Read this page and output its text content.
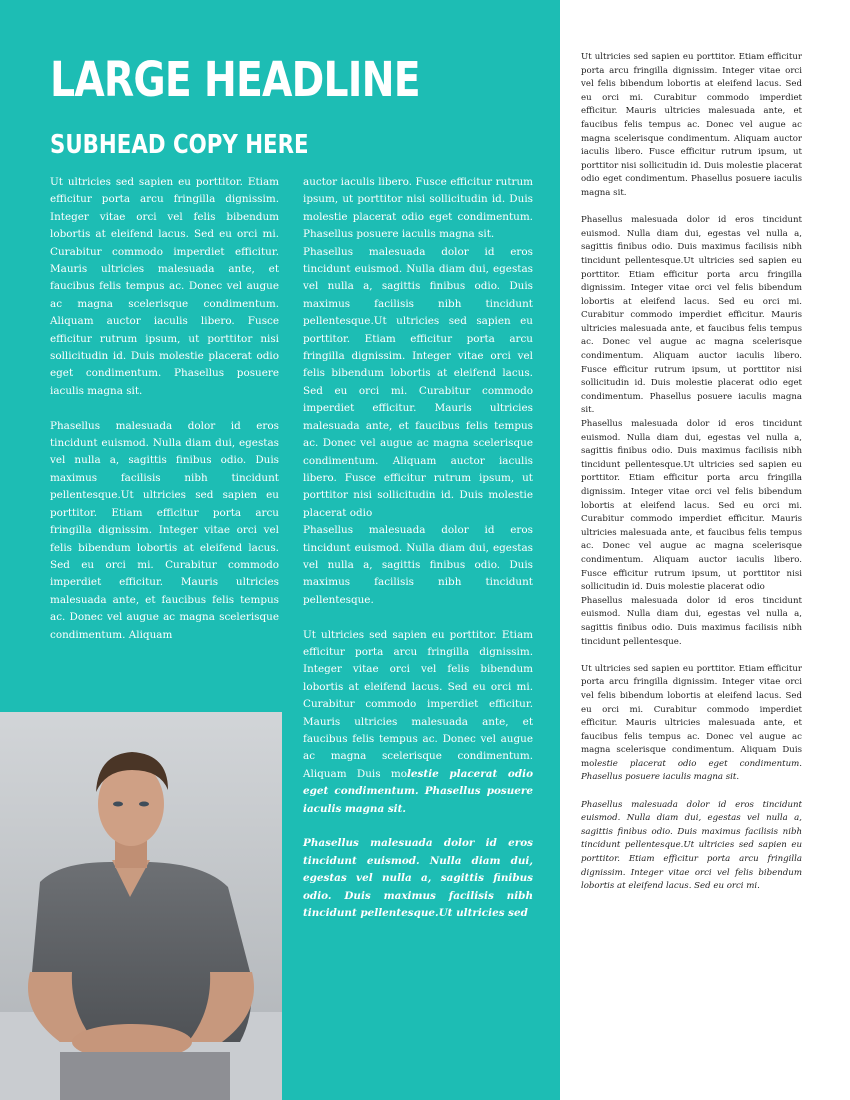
LARGE HEADLINE
SUBHEAD COPY HERE

Ut ultricies sed sapien eu porttitor. Etiam efficitur porta arcu fringilla dignissim. Integer vitae orci vel felis bibendum lobortis at eleifend lacus. Sed eu orci mi. Curabitur commodo imperdiet efficitur. Mauris ultricies malesuada ante, et faucibus felis tempus ac. Donec vel augue ac magna scelerisque condimentum. Aliquam auctor iaculis libero. Fusce efficitur rutrum ipsum, ut porttitor nisi sollicitudin id. Duis molestie placerat odio eget condimentum. Phasellus posuere iaculis magna sit.

Phasellus malesuada dolor id eros tincidunt euismod. Nulla diam dui, egestas vel nulla a, sagittis finibus odio. Duis maximus facilisis nibh tincidunt pellentesque.Ut ultricies sed sapien eu porttitor. Etiam efficitur porta arcu fringilla dignissim. Integer vitae orci vel felis bibendum lobortis at eleifend lacus. Sed eu orci mi. Curabitur commodo imperdiet efficitur. Mauris ultricies malesuada ante, et faucibus felis tempus ac. Donec vel augue ac magna scelerisque condimentum. Aliquam

auctor iaculis libero. Fusce efficitur rutrum ipsum, ut porttitor nisi sollicitudin id. Duis molestie placerat odio eget condimentum. Phasellus posuere iaculis magna sit.

Phasellus malesuada dolor id eros tincidunt euismod. Nulla diam dui, egestas vel nulla a, sagittis finibus odio. Duis maximus facilisis nibh tincidunt pellentesque.Ut ultricies sed sapien eu porttitor. Etiam efficitur porta arcu fringilla dignissim. Integer vitae orci vel felis bibendum lobortis at eleifend lacus. Sed eu orci mi. Curabitur commodo imperdiet efficitur. Mauris ultricies malesuada ante, et faucibus felis tempus ac. Donec vel augue ac magna scelerisque condimentum. Aliquam auctor iaculis libero. Fusce efficitur rutrum ipsum, ut porttitor nisi sollicitudin id. Duis molestie placerat odio

Phasellus malesuada dolor id eros tincidunt euismod. Nulla diam dui, egestas vel nulla a, sagittis finibus odio. Duis maximus facilisis nibh tincidunt pellentesque.

Ut ultricies sed sapien eu porttitor. Etiam efficitur porta arcu fringilla dignissim. Integer vitae orci vel felis bibendum lobortis at eleifend lacus. Sed eu orci mi. Curabitur commodo imperdiet efficitur. Mauris ultricies malesuada ante, et faucibus felis tempus ac. Donec vel augue ac magna scelerisque condimentum. Aliquam Duis molestie placerat odio eget condimentum. Phasellus posuere iaculis magna sit.

Phasellus malesuada dolor id eros tincidunt euismod. Nulla diam dui, egestas vel nulla a, sagittis finibus odio. Duis maximus facilisis nibh tincidunt pellentesque.Ut ultricies sed

Ut ultricies sed sapien eu porttitor. Etiam efficitur porta arcu fringilla dignissim. Integer vitae orci vel felis bibendum lobortis at eleifend lacus. Sed eu orci mi. Curabitur commodo imperdiet efficitur. Mauris ultricies malesuada ante, et faucibus felis tempus ac. Donec vel augue ac magna scelerisque condimentum. Aliquam auctor iaculis libero. Fusce efficitur rutrum ipsum, ut porttitor nisi sollicitudin id. Duis molestie placerat odio eget condimentum. Phasellus posuere iaculis magna sit.

Phasellus malesuada dolor id eros tincidunt euismod. Nulla diam dui, egestas vel nulla a, sagittis finibus odio. Duis maximus facilisis nibh tincidunt pellentesque.Ut ultricies sed sapien eu porttitor. Etiam efficitur porta arcu fringilla dignissim. Integer vitae orci vel felis bibendum lobortis at eleifend lacus. Sed eu orci mi. Curabitur commodo imperdiet efficitur. Mauris ultricies malesuada ante, et faucibus felis tempus ac. Donec vel augue ac magna scelerisque condimentum. Aliquam auctor iaculis libero. Fusce efficitur rutrum ipsum, ut porttitor nisi sollicitudin id. Duis molestie placerat odio eget condimentum. Phasellus posuere iaculis magna sit.

Phasellus malesuada dolor id eros tincidunt euismod. Nulla diam dui, egestas vel nulla a, sagittis finibus odio. Duis maximus facilisis nibh tincidunt pellentesque.Ut ultricies sed sapien eu porttitor. Etiam efficitur porta arcu fringilla dignissim. Integer vitae orci vel felis bibendum lobortis at eleifend lacus. Sed eu orci mi. Curabitur commodo imperdiet efficitur. Mauris ultricies malesuada ante, et faucibus felis tempus ac. Donec vel augue ac magna scelerisque condimentum. Aliquam auctor iaculis libero. Fusce efficitur rutrum ipsum, ut porttitor nisi sollicitudin id. Duis molestie placerat odio

Phasellus malesuada dolor id eros tincidunt euismod. Nulla diam dui, egestas vel nulla a, sagittis finibus odio. Duis maximus facilisis nibh tincidunt pellentesque.

Ut ultricies sed sapien eu porttitor. Etiam efficitur porta arcu fringilla dignissim. Integer vitae orci vel felis bibendum lobortis at eleifend lacus. Sed eu orci mi. Curabitur commodo imperdiet efficitur. Mauris ultricies malesuada ante, et faucibus felis tempus ac. Donec vel augue ac magna scelerisque condimentum. Aliquam Duis molestie placerat odio eget condimentum. Phasellus posuere iaculis magna sit.

Phasellus malesuada dolor id eros tincidunt euismod. Nulla diam dui, egestas vel nulla a, sagittis finibus odio. Duis maximus facilisis nibh tincidunt pellentesque.Ut ultricies sed sapien eu porttitor. Etiam efficitur porta arcu fringilla dignissim. Integer vitae orci vel felis bibendum lobortis at eleifend lacus. Sed eu orci mi.
